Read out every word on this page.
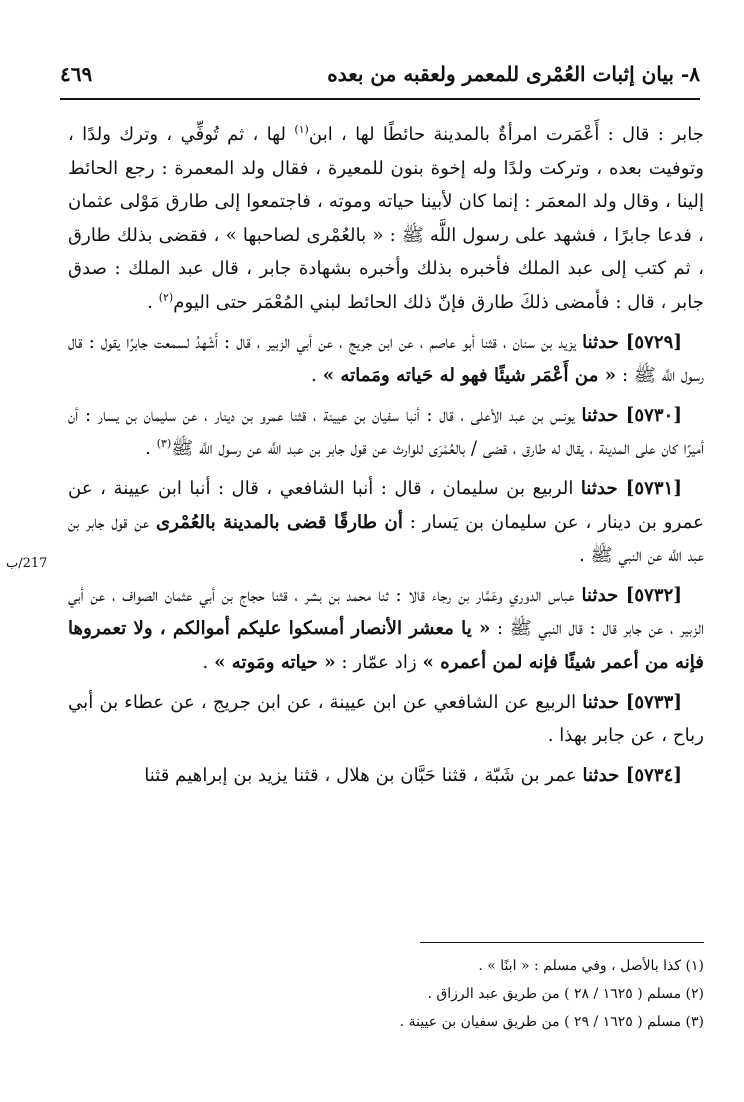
٨- بيان إثبات العُمْرى للمعمر ولعقبه من بعده
٤٦٩
217/ب

جابر : قال : أَعْمَرت امرأةٌ بالمدينة حائطًا لها ، ابن$^{(١)}$ لها ، ثم تُوفِّي ، وترك ولدًا ، وتوفيت بعده ، وتركت ولدًا وله إخوة بنون للمعيرة ، فقال ولد المعمرة : رجع الحائط إلينا ، وقال ولد المعمَر : إنما كان لأبينا حياته وموته ، فاجتمعوا إلى طارق مَوْلى عثمان ، فدعا جابرًا ، فشهد على رسول اللَّه ﷺ : « بالعُمْرى لصاحبها » ، فقضى بذلك طارق ، ثم كتب إلى عبد الملك فأخبره بذلك وأخبره بشهادة جابر ، قال عبد الملك : صدق جابر ، قال : فأمضى ذلكَ طارق فإنّ ذلك الحائط لبني المُعْمَر حتى اليوم$^{(٢)}$ .

[٥٧٢٩] حدثنا يزيد بن سنان ، قثنا أبو عاصم ، عن ابن جريج ، عن أبي الزبير ، قال : أَشْهدُ لسمعت جابرًا يقول : قال رسول اللَّه ﷺ : « من أَعْمَر شيئًا فهو له حَياته ومَماته » .

[٥٧٣٠] حدثنا يونس بن عبد الأعلى ، قال : أنبا سفيان بن عيينة ، قثنا عمرو بن دينار ، عن سليمان بن يسار : أن أميرًا كان على المدينة ، يقال له طارق ، قضى / بالعُمْرَى للوارث عن قول جابر بن عبد اللَّه عن رسول اللَّه ﷺ$^{(٣)}$ .

[٥٧٣١] حدثنا الربيع بن سليمان ، قال : أنبا الشافعي ، قال : أنبا ابن عيينة ، عن عمرو بن دينار ، عن سليمان بن يَسار : أن طارقًا قضى بالمدينة بالعُمْرى عن قول جابر بن عبد اللَّه عن النبي ﷺ .

[٥٧٣٢] حدثنا عباس الدوري وعَمَّار بن رجاء قالا : ثنا محمد بن بشر ، قثنا حجاج بن أبي عثمان الصواف ، عن أبي الزبير ، عن جابر قال : قال النبي ﷺ : « يا معشر الأنصار أمسكوا عليكم أموالكم ، ولا تعمروها فإنه من أعمر شيئًا فإنه لمن أعمره » زاد عمّار : « حياته ومَوته » .

[٥٧٣٣] حدثنا الربيع عن الشافعي عن ابن عيينة ، عن ابن جريج ، عن عطاء بن أبي رباح ، عن جابر بهذا .

[٥٧٣٤] حدثنا عمر بن شَبّة ، قثنا حَبَّان بن هلال ، قثنا يزيد بن إبراهيم قثنا

(١) كذا بالأصل ، وفي مسلم : « ابنًا » .

(٢) مسلم ( ١٦٢٥ / ٢٨ ) من طريق عبد الرزاق .

(٣) مسلم ( ١٦٢٥ / ٢٩ ) من طريق سفيان بن عيينة .
